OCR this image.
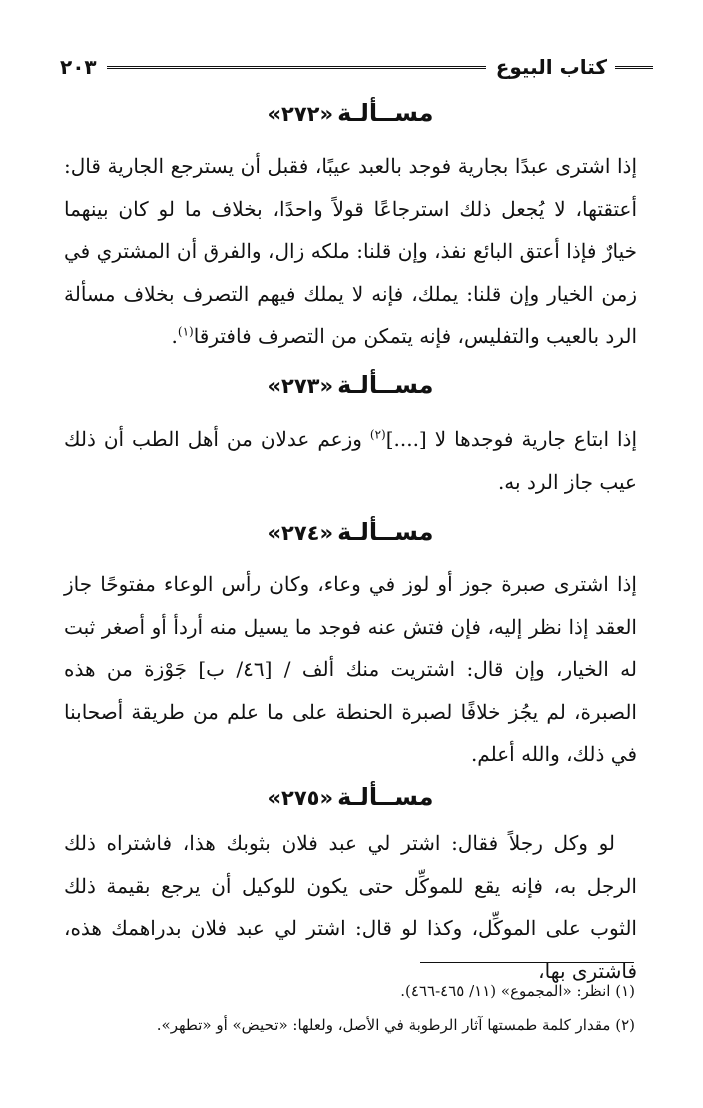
كتاب البيوع
٢٠٣
مســألـة«٢٧٢»

إذا اشترى عبدًا بجارية فوجد بالعبد عيبًا، فقبل أن يسترجع الجارية قال: أعتقتها، لا يُجعل ذلك استرجاعًا قولاً واحدًا، بخلاف ما لو كان بينهما خيارٌ فإذا أعتق البائع نفذ، وإن قلنا: ملكه زال، والفرق أن المشتري في زمن الخيار وإن قلنا: يملك، فإنه لا يملك فيهم التصرف بخلاف مسألة الرد بالعيب والتفليس، فإنه يتمكن من التصرف فافترقا$^{(١)}$.

مســألـة«٢٧٣»

إذا ابتاع جارية فوجدها لا [....]$^{(٢)}$ وزعم عدلان من أهل الطب أن ذلك عيب جاز الرد به.

مســألـة«٢٧٤»

إذا اشترى صبرة جوز أو لوز في وعاء، وكان رأس الوعاء مفتوحًا جاز العقد إذا نظر إليه، فإن فتش عنه فوجد ما يسيل منه أردأ أو أصغر ثبت له الخيار، وإن قال: اشتريت منك ألف / [٤٦/ ب] جَوْزة من هذه الصبرة، لم يجُز خلافًا لصبرة الحنطة على ما علم من طريقة أصحابنا في ذلك، والله أعلم.

مســألـة«٢٧٥»

لو وكل رجلاً فقال: اشتر لي عبد فلان بثوبك هذا، فاشتراه ذلك الرجل به، فإنه يقع للموكِّل حتى يكون للوكيل أن يرجع بقيمة ذلك الثوب على الموكِّل، وكذا لو قال: اشتر لي عبد فلان بدراهمك هذه، فاشترى بها،

(١) انظر: «المجموع» (١١/ ٤٦٥-٤٦٦).
(٢) مقدار كلمة طمستها آثار الرطوبة في الأصل، ولعلها: «تحيض» أو «تطهر».
